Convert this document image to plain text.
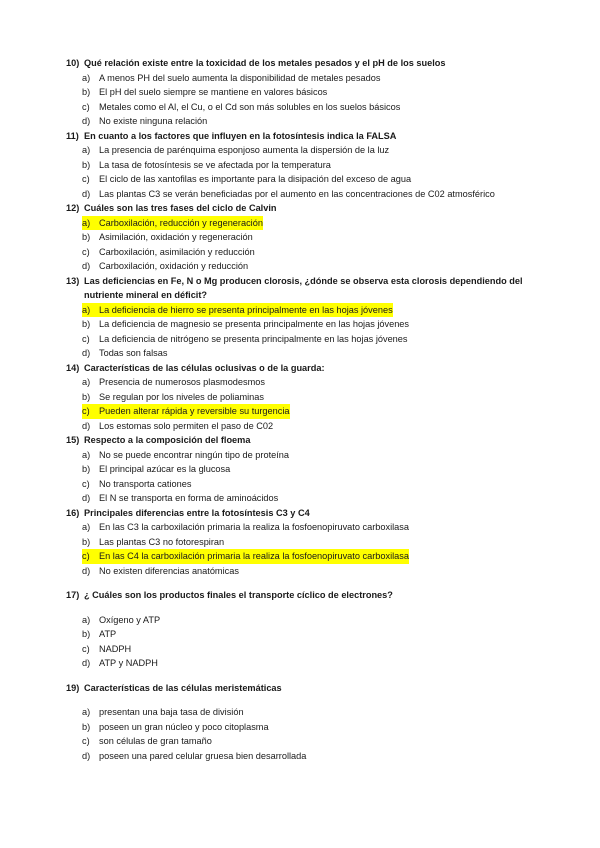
10) Qué relación existe entre la toxicidad de los metales pesados y el pH de los suelos
a) A menos PH del suelo aumenta la disponibilidad de metales pesados
b) El pH del suelo siempre se mantiene en valores básicos
c)	Metales como el Al, el Cu, o el Cd son más solubles en los suelos básicos
d) No existe ninguna relación
11) En cuanto a los factores que influyen en la fotosíntesis indica la FALSA
a) La presencia de parénquima esponjoso aumenta la dispersión de la luz
b) La tasa de fotosíntesis se ve afectada por la temperatura
c)	El ciclo de las xantofilas es importante para la disipación del exceso de agua
d) Las plantas C3 se verán beneficiadas por el aumento en las concentraciones de C02 atmosférico
12) Cuáles son las tres fases del ciclo de Calvin
a) Carboxilación, reducción y regeneración
b) Asimilación, oxidación y regeneración
c)	Carboxilación, asimilación y reducción
d) Carboxilación, oxidación y reducción
13) Las deficiencias en Fe, N o Mg producen clorosis, ¿dónde se observa esta clorosis dependiendo del nutriente mineral en déficit?
a) La deficiencia de hierro se presenta principalmente en las hojas jóvenes
b) La deficiencia de magnesio se presenta principalmente en las hojas jóvenes
c)	La deficiencia de nitrógeno se presenta principalmente en las hojas jóvenes
d) Todas son falsas
14) Características de las células oclusivas o de la guarda:
a) Presencia de numerosos plasmodesmos
b) Se regulan por los niveles de poliaminas
c)	Pueden alterar rápida y reversible su turgencia
d) Los estomas solo permiten el paso de C02
15) Respecto a la composición del floema
a) No se puede encontrar ningún tipo de proteína
b) El principal azúcar es la glucosa
c)	No transporta cationes
d) El N se transporta en forma de aminoácidos
16) Principales diferencias entre la fotosíntesis C3 y C4
a) En las C3 la carboxilación primaria la realiza la fosfoenopiruvato carboxilasa
b) Las plantas C3 no fotorespiran
c)	En las C4 la carboxilación primaria la realiza la fosfoenopiruvato carboxilasa
d) No existen diferencias anatómicas
17) ¿ Cuáles son los productos finales el transporte cíclico de electrones?
a) Oxígeno y ATP
b) ATP
c)	NADPH
d) ATP y NADPH
19) Características de las células meristemáticas
a) presentan una baja tasa de división
b) poseen un gran núcleo y poco citoplasma
c)	son células de gran tamaño
d) poseen una pared celular gruesa bien desarrollada
